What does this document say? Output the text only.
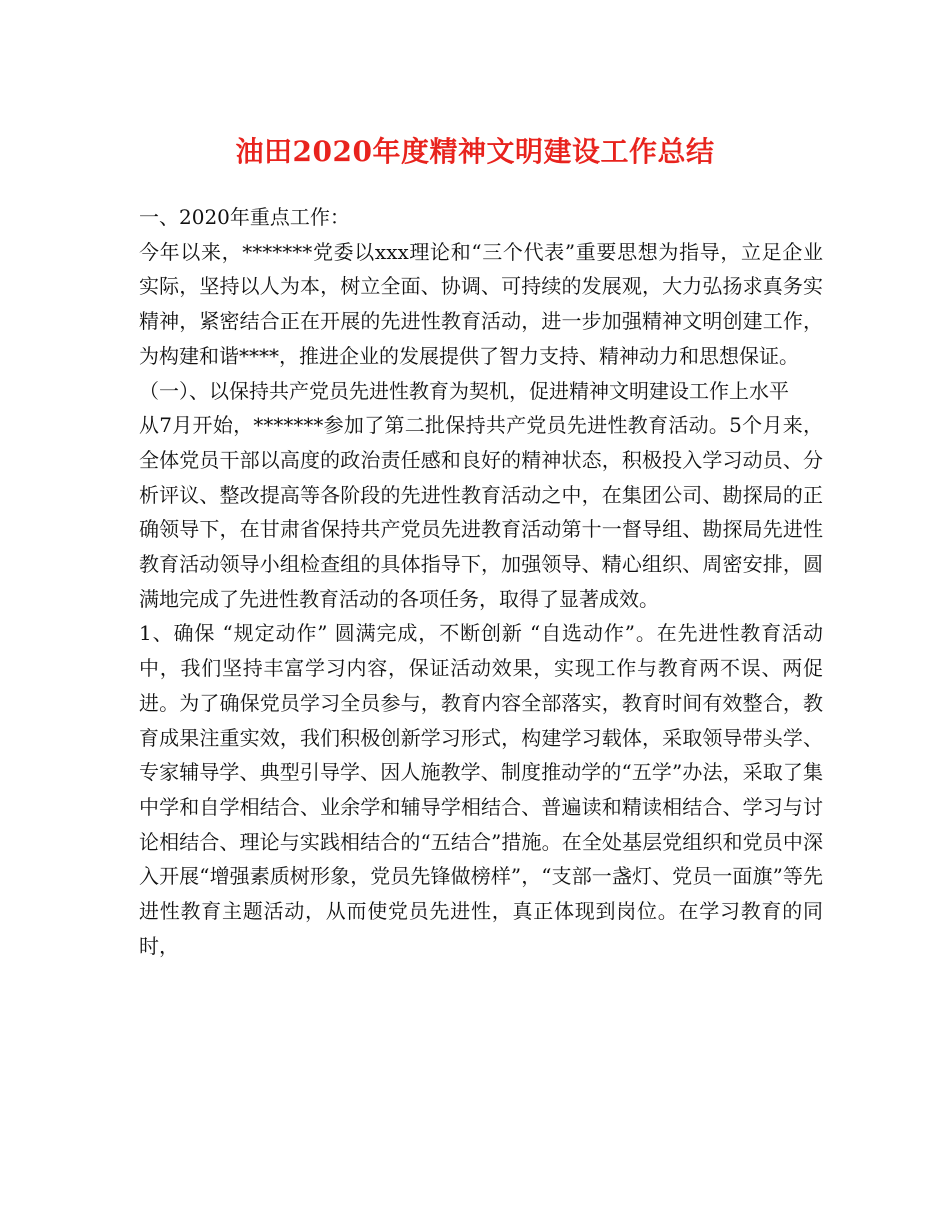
油田2020年度精神文明建设工作总结

一、2020年重点工作：

今年以来，*******党委以xxx理论和“三个代表”重要思想为指导，立足企业实际，坚持以人为本，树立全面、协调、可持续的发展观，大力弘扬求真务实精神，紧密结合正在开展的先进性教育活动，进一步加强精神文明创建工作，为构建和谐****，推进企业的发展提供了智力支持、精神动力和思想保证。

（一）、以保持共产党员先进性教育为契机，促进精神文明建设工作上水平

从7月开始，*******参加了第二批保持共产党员先进性教育活动。5个月来，全体党员干部以高度的政治责任感和良好的精神状态，积极投入学习动员、分析评议、整改提高等各阶段的先进性教育活动之中，在集团公司、勘探局的正确领导下，在甘肃省保持共产党员先进教育活动第十一督导组、勘探局先进性教育活动领导小组检查组的具体指导下，加强领导、精心组织、周密安排，圆满地完成了先进性教育活动的各项任务，取得了显著成效。

1、确保 “规定动作” 圆满完成，不断创新 “自选动作”。在先进性教育活动中，我们坚持丰富学习内容，保证活动效果，实现工作与教育两不误、两促进。为了确保党员学习全员参与，教育内容全部落实，教育时间有效整合，教育成果注重实效，我们积极创新学习形式，构建学习载体，采取领导带头学、专家辅导学、典型引导学、因人施教学、制度推动学的“五学”办法，采取了集中学和自学相结合、业余学和辅导学相结合、普遍读和精读相结合、学习与讨论相结合、理论与实践相结合的“五结合”措施。在全处基层党组织和党员中深入开展“增强素质树形象，党员先锋做榜样”，“支部一盏灯、党员一面旗”等先进性教育主题活动，从而使党员先进性，真正体现到岗位。在学习教育的同时，
